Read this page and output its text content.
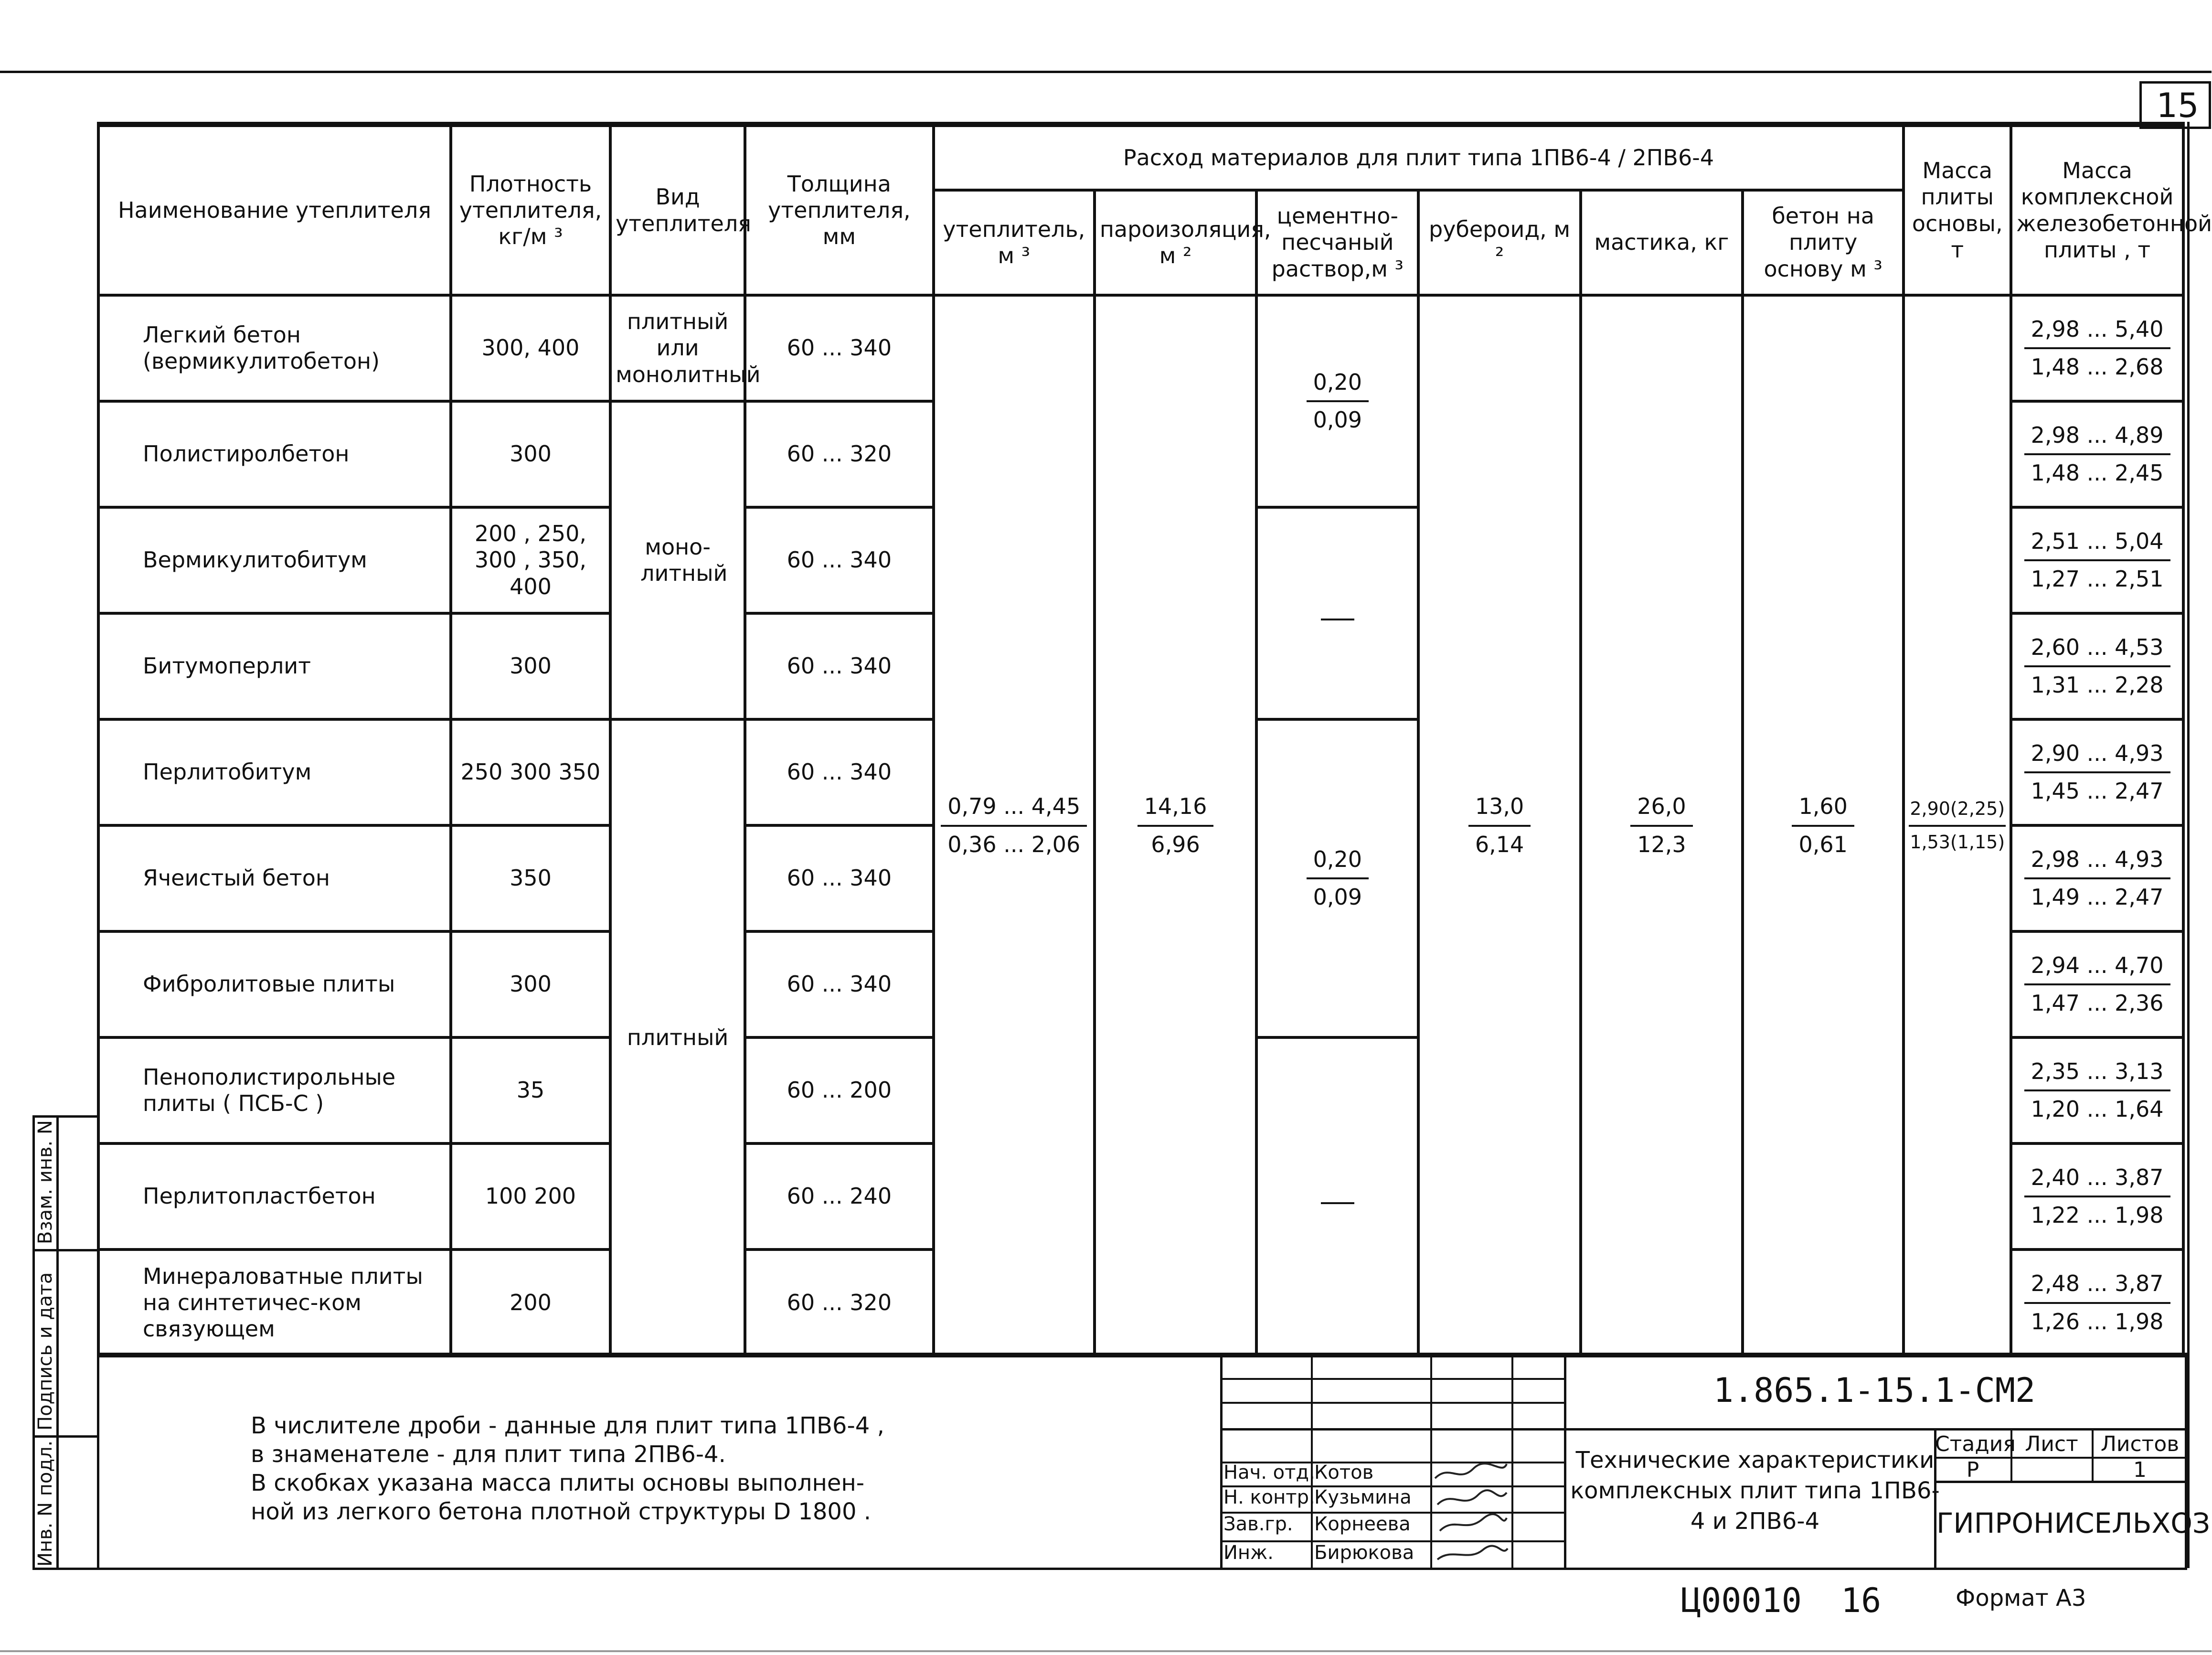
15
Наименование утеплителя	Плотность утеплителя, кг/м ³	Вид утеплителя	Толщина утеплителя, мм	Расход материалов для плит типа 1ПВ6-4 / 2ПВ6-4						Масса плиты основы, т	Масса комплексной железобетонной плиты , т
				утеплитель, м ³	пароизоляция, м ²	цементно-песчаный раствор,м ³	рубероид, м ²	мастика, кг	бетон на плиту основу м ³		
Легкий бетон (вермикулитобетон)	300, 400	плитный или монолитный	60 ... 340	$\frac{0,79 ... 4,45}{0,36 ... 2,06}$	$\frac{14,16}{6,96}$	$\frac{0,20}{0,09}$	$\frac{13,0}{6,14}$	$\frac{26,0}{12,3}$	$\frac{1,60}{0,61}$	$\frac{2,90(2,25)}{1,53(1,15)}$	$\frac{2,98 ... 5,40}{1,48 ... 2,68}$

Полистиролбетон	300	моно- литный	60 ... 320								$\frac{2,98 ... 4,89}{1,48 ... 2,45}$

Вермикулитобитум	200 , 250, 300 , 350, 400		60 ... 340								$\frac{2,51 ... 5,04}{1,27 ... 2,51}$

Битумоперлит	300		60 ... 340								$\frac{2,60 ... 4,53}{1,31 ... 2,28}$

Перлитобитум	250 300 350	плитный	60 ... 340			$\frac{0,20}{0,09}$					$\frac{2,90 ... 4,93}{1,45 ... 2,47}$

Ячеистый бетон	350		60 ... 340								$\frac{2,98 ... 4,93}{1,49 ... 2,47}$

Фибролитовые плиты	300		60 ... 340								$\frac{2,94 ... 4,70}{1,47 ... 2,36}$

Пенополистирольные плиты ( ПСБ-С )	35		60 ... 200								$\frac{2,35 ... 3,13}{1,20 ... 1,64}$

Перлитопластбетон	100 200		60 ... 240								$\frac{2,40 ... 3,87}{1,22 ... 1,98}$

Минераловатные плиты на синтетичес-ком связующем	200		60 ... 320								$\frac{2,48 ... 3,87}{1,26 ... 1,98}$
Инв. N подл.
Подпись и дата
Взам. инв. N
В числителе дроби - данные для плит типа 1ПВ6-4 ,
в знаменателе - для плит типа 2ПВ6-4.
В скобках указана масса плиты основы выполнен-
ной из легкого бетона плотной структуры D 1800 .
1.865.1-15.1-СМ2
Нач. отд.
Котов
Н. контр.
Кузьмина
Зав.гр. Корнеева
Инж. Бирюкова
Технические характеристики комплексных плит типа 1ПВ6-4 и 2ПВ6-4
Стадия Лист	Листов
Р	1
ГИПРОНИСЕЛЬХОЗ
Ц00010 16	Формат А3
